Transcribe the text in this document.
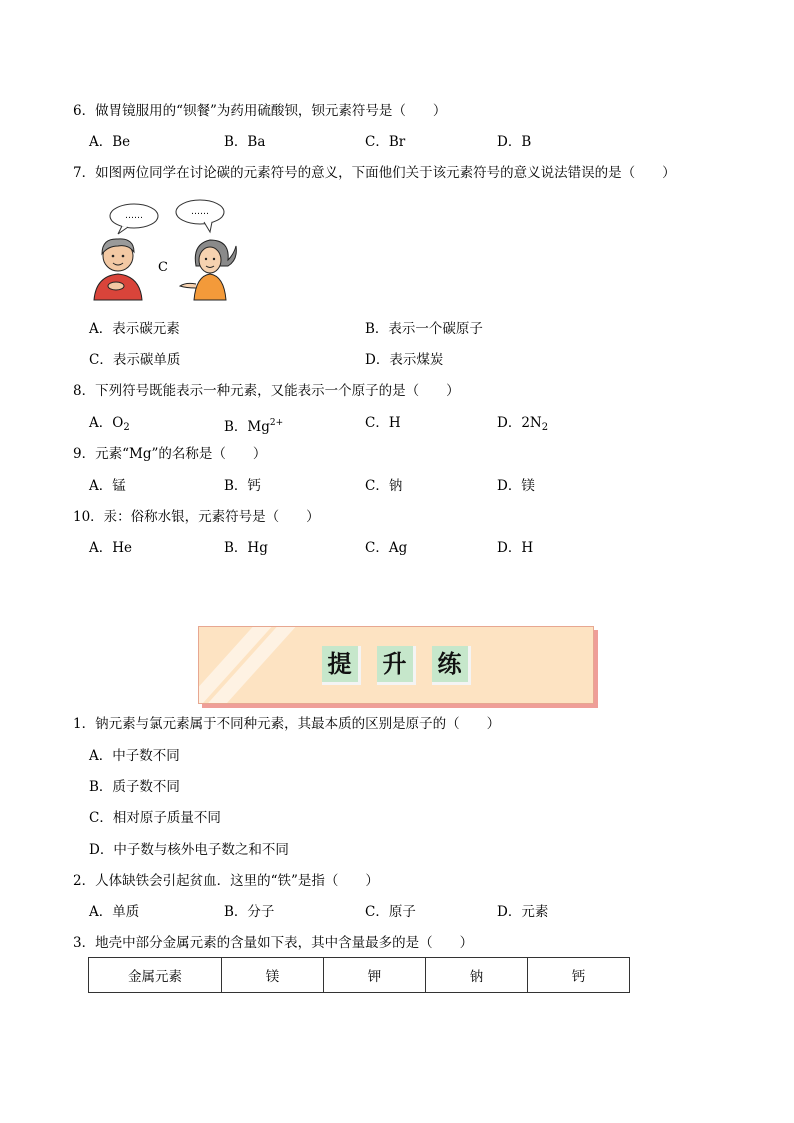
6．做胃镜服用的“钡餐”为药用硫酸钡，钡元素符号是（　　）
A．Be	B．Ba	C．Br	D．B
7．如图两位同学在讨论碳的元素符号的意义，下面他们关于该元素符号的意义说法错误的是（　　）
……	……
C
A．表示碳元素	B．表示一个碳原子
C．表示碳单质	D．表示煤炭
8．下列符号既能表示一种元素，又能表示一个原子的是（　　）
A．$O_2$	B．$Mg^{2+}$	C．H	D．$2N_2$
9．元素“Mg”的名称是（　　）
A．锰	B．钙	C．钠	D．镁
10．汞：俗称水银，元素符号是（　　）
A．He	B．Hg	C．Ag	D．H
提 升 练
1．钠元素与氯元素属于不同种元素，其最本质的区别是原子的（　　）
A．中子数不同
B．质子数不同
C．相对原子质量不同
D．中子数与核外电子数之和不同
2．人体缺铁会引起贫血．这里的“铁”是指（　　）
A．单质	B．分子	C．原子	D．元素
3．地壳中部分金属元素的含量如下表，其中含量最多的是（　　）
金属元素	镁	钾	钠	钙
